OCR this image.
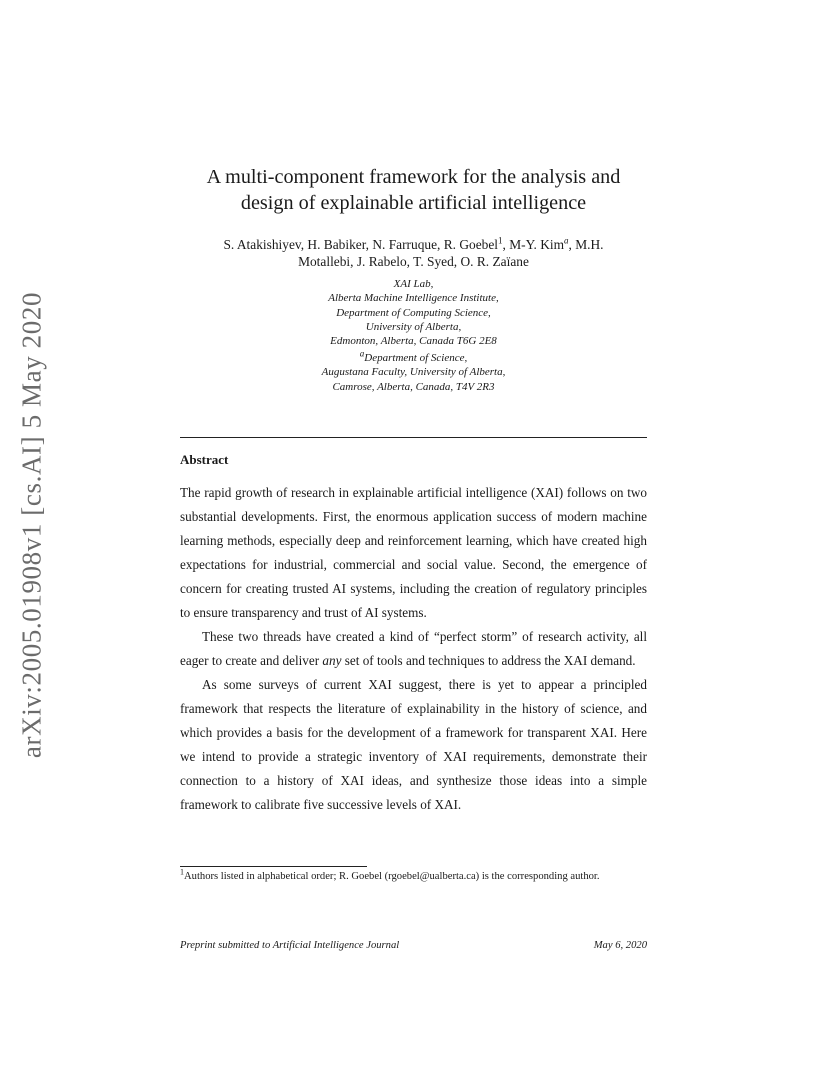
arXiv:2005.01908v1 [cs.AI] 5 May 2020
A multi-component framework for the analysis and
design of explainable artificial intelligence
S. Atakishiyev, H. Babiker, N. Farruque, R. Goebel$^1$, M-Y. Kim$^a$, M.H.
Motallebi, J. Rabelo, T. Syed, O. R. Zaïane
XAI Lab,
Alberta Machine Intelligence Institute,
Department of Computing Science,
University of Alberta,
Edmonton, Alberta, Canada T6G 2E8
$^a$Department of Science,
Augustana Faculty, University of Alberta,
Camrose, Alberta, Canada, T4V 2R3
Abstract

The rapid growth of research in explainable artificial intelligence (XAI) follows on two substantial developments. First, the enormous application success of modern machine learning methods, especially deep and reinforcement learning, which have created high expectations for industrial, commercial and social value. Second, the emergence of concern for creating trusted AI systems, including the creation of regulatory principles to ensure transparency and trust of AI systems.

These two threads have created a kind of “perfect storm” of research activity, all eager to create and deliver any set of tools and techniques to address the XAI demand.

As some surveys of current XAI suggest, there is yet to appear a principled framework that respects the literature of explainability in the history of science, and which provides a basis for the development of a framework for transparent XAI. Here we intend to provide a strategic inventory of XAI requirements, demonstrate their connection to a history of XAI ideas, and synthesize those ideas into a simple framework to calibrate five successive levels of XAI.

$^1$Authors listed in alphabetical order; R. Goebel (rgoebel@ualberta.ca) is the corresponding author.
Preprint submitted to Artificial Intelligence Journal	May 6, 2020
